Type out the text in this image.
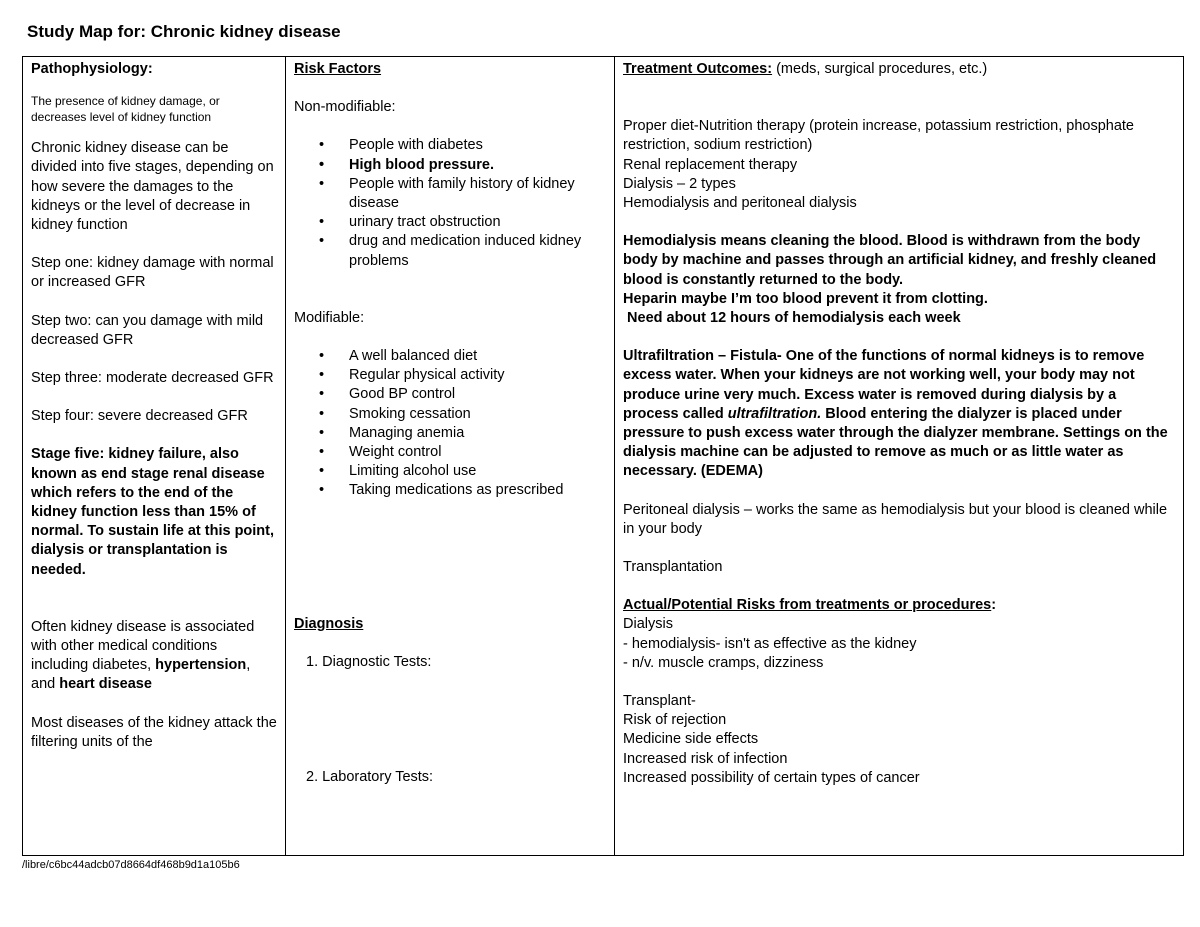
Study Map for: Chronic kidney disease

Pathophysiology:

The presence of kidney damage, or decreases level of kidney function

Chronic kidney disease can be divided into five stages, depending on how severe the damages to the kidneys or the level of decrease in kidney function

Step one: kidney damage with normal or increased GFR

Step two: can you damage with mild decreased GFR

Step three: moderate decreased GFR

Step four: severe decreased GFR

Stage five: kidney failure, also known as end stage renal disease which refers to the end of the kidney function less than 15% of normal. To sustain life at this point, dialysis or transplantation is needed.

Often kidney disease is associated with other medical conditions including diabetes, hypertension, and heart disease

Most diseases of the kidney attack the filtering units of the

Risk Factors

Non-modifiable:

• People with diabetes
• High blood pressure.
• People with family history of kidney disease
• urinary tract obstruction
• drug and medication induced kidney problems

Modifiable:

• A well balanced diet
• Regular physical activity
• Good BP control
• Smoking cessation
• Managing anemia
• Weight control
• Limiting alcohol use
• Taking medications as prescribed

Diagnosis

1. Diagnostic Tests:

2. Laboratory Tests:

Treatment Outcomes: (meds, surgical procedures, etc.)

Proper diet-Nutrition therapy (protein increase, potassium restriction, phosphate restriction, sodium restriction)

Renal replacement therapy

Dialysis – 2 types

Hemodialysis and peritoneal dialysis

Hemodialysis means cleaning the blood. Blood is withdrawn from the body body by machine and passes through an artificial kidney, and freshly cleaned blood is constantly returned to the body.

Heparin maybe I’m too blood prevent it from clotting.

Need about 12 hours of hemodialysis each week

Ultrafiltration – Fistula- One of the functions of normal kidneys is to remove excess water. When your kidneys are not working well, your body may not produce urine very much. Excess water is removed during dialysis by a process called ultrafiltration. Blood entering the dialyzer is placed under pressure to push excess water through the dialyzer membrane. Settings on the dialysis machine can be adjusted to remove as much or as little water as necessary. (EDEMA)

Peritoneal dialysis – works the same as hemodialysis but your blood is cleaned while in your body

Transplantation

Actual/Potential Risks from treatments or procedures:

Dialysis

- hemodialysis- isn't as effective as the kidney

- n/v. muscle cramps, dizziness

Transplant-

Risk of rejection

Medicine side effects

Increased risk of infection

Increased possibility of certain types of cancer

/libre/c6bc44adcb07d8664df468b9d1a105b6
